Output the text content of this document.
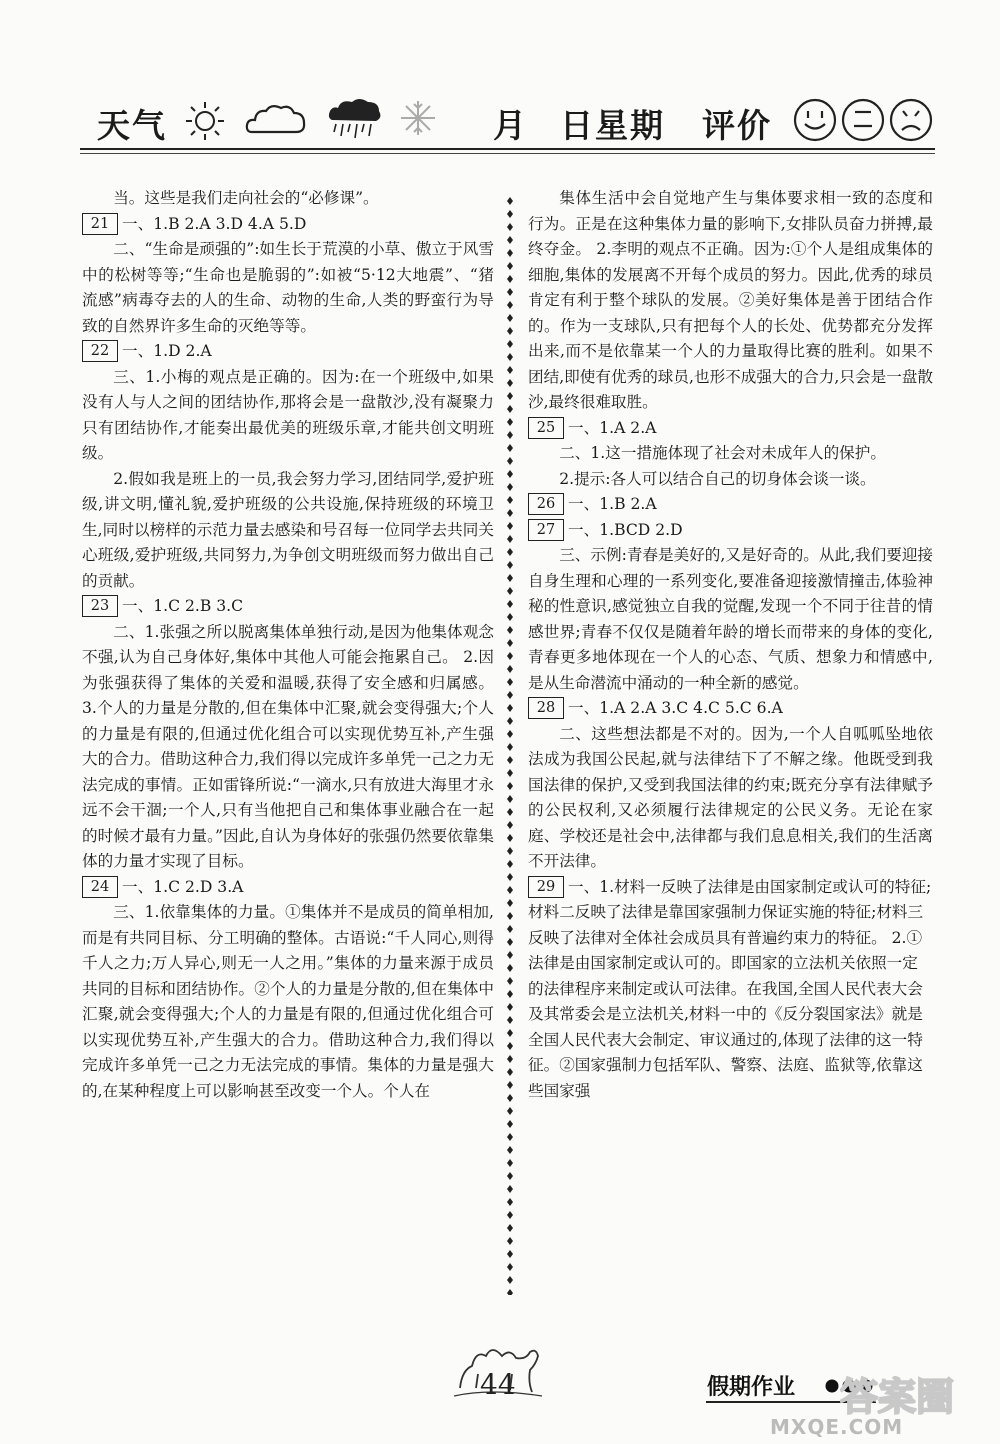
天气	月 日星期 评价
当。这些是我们走向社会的“必修课”。
21 一、1.B 2.A 3.D 4.A 5.D
二、“生命是顽强的”:如生长于荒漠的小草、傲立于风雪中的松树等等;“生命也是脆弱的”:如被“5·12大地震”、“猪流感”病毒夺去的人的生命、动物的生命,人类的野蛮行为导致的自然界许多生命的灭绝等等。
22 一、1.D 2.A
三、1.小梅的观点是正确的。因为:在一个班级中,如果没有人与人之间的团结协作,那将会是一盘散沙,没有凝聚力只有团结协作,才能奏出最优美的班级乐章,才能共创文明班级。
2.假如我是班上的一员,我会努力学习,团结同学,爱护班级,讲文明,懂礼貌,爱护班级的公共设施,保持班级的环境卫生,同时以榜样的示范力量去感染和号召每一位同学去共同关心班级,爱护班级,共同努力,为争创文明班级而努力做出自己的贡献。
23 一、1.C 2.B 3.C
二、1.张强之所以脱离集体单独行动,是因为他集体观念不强,认为自己身体好,集体中其他人可能会拖累自己。 2.因为张强获得了集体的关爱和温暖,获得了安全感和归属感。 3.个人的力量是分散的,但在集体中汇聚,就会变得强大;个人的力量是有限的,但通过优化组合可以实现优势互补,产生强大的合力。借助这种合力,我们得以完成许多单凭一己之力无法完成的事情。正如雷锋所说:“一滴水,只有放进大海里才永远不会干涸;一个人,只有当他把自己和集体事业融合在一起的时候才最有力量。”因此,自认为身体好的张强仍然要依靠集体的力量才实现了目标。
24 一、1.C 2.D 3.A
三、1.依靠集体的力量。①集体并不是成员的简单相加,而是有共同目标、分工明确的整体。古语说:“千人同心,则得千人之力;万人异心,则无一人之用。”集体的力量来源于成员共同的目标和团结协作。②个人的力量是分散的,但在集体中汇聚,就会变得强大;个人的力量是有限的,但通过优化组合可以实现优势互补,产生强大的合力。借助这种合力,我们得以完成许多单凭一己之力无法完成的事情。集体的力量是强大的,在某种程度上可以影响甚至改变一个人。个人在
集体生活中会自觉地产生与集体要求相一致的态度和行为。正是在这种集体力量的影响下,女排队员奋力拼搏,最终夺金。 2.李明的观点不正确。因为:①个人是组成集体的细胞,集体的发展离不开每个成员的努力。因此,优秀的球员肯定有利于整个球队的发展。②美好集体是善于团结合作的。作为一支球队,只有把每个人的长处、优势都充分发挥出来,而不是依靠某一个人的力量取得比赛的胜利。如果不团结,即使有优秀的球员,也形不成强大的合力,只会是一盘散沙,最终很难取胜。
25 一、1.A 2.A
二、1.这一措施体现了社会对未成年人的保护。
2.提示:各人可以结合自己的切身体会谈一谈。
26 一、1.B 2.A
27 一、1.BCD 2.D
三、示例:青春是美好的,又是好奇的。从此,我们要迎接自身生理和心理的一系列变化,要准备迎接激情撞击,体验神秘的性意识,感觉独立自我的觉醒,发现一个不同于往昔的情感世界;青春不仅仅是随着年龄的增长而带来的身体的变化,青春更多地体现在一个人的心态、气质、想象力和情感中,是从生命潜流中涌动的一种全新的感觉。
28 一、1.A 2.A 3.C 4.C 5.C 6.A
二、这些想法都是不对的。因为,一个人自呱呱坠地依法成为我国公民起,就与法律结下了不解之缘。他既受到我国法律的保护,又受到我国法律的约束;既充分享有法律赋予的公民权利,又必须履行法律规定的公民义务。无论在家庭、学校还是社会中,法律都与我们息息相关,我们的生活离不开法律。
29 一、1.材料一反映了法律是由国家制定或认可的特征;材料二反映了法律是靠国家强制力保证实施的特征;材料三反映了法律对全体社会成员具有普遍约束力的特征。 2.①法律是由国家制定或认可的。即国家的立法机关依照一定的法律程序来制定或认可法律。在我国,全国人民代表大会及其常委会是立法机关,材料一中的《反分裂国家法》就是全国人民代表大会制定、审议通过的,体现了法律的这一特征。②国家强制力包括军队、警察、法庭、监狱等,依靠这些国家强
44	假期作业 答案圈
MXQE.COM
